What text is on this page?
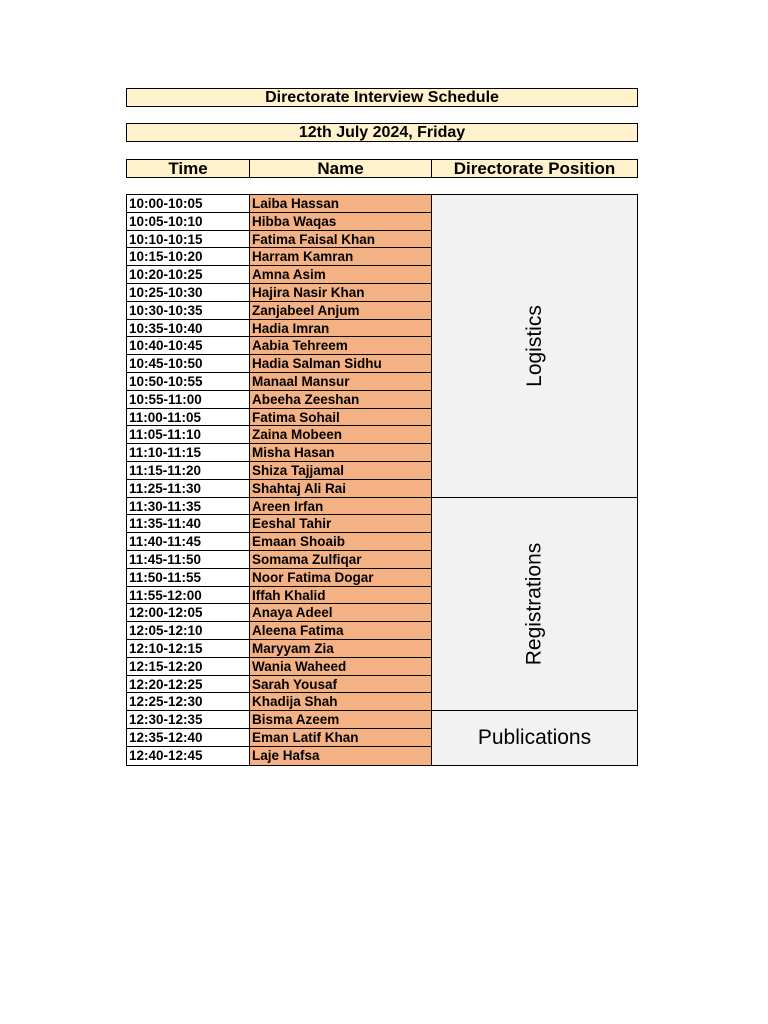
Directorate Interview Schedule
12th July 2024, Friday
Time	Name	Directorate Position
10:00-10:05
10:05-10:10
10:10-10:15
10:15-10:20
10:20-10:25
10:25-10:30
10:30-10:35
10:35-10:40
10:40-10:45
10:45-10:50
10:50-10:55
10:55-11:00
11:00-11:05
11:05-11:10
11:10-11:15
11:15-11:20
11:25-11:30
11:30-11:35
11:35-11:40
11:40-11:45
11:45-11:50
11:50-11:55
11:55-12:00
12:00-12:05
12:05-12:10
12:10-12:15
12:15-12:20
12:20-12:25
12:25-12:30
12:30-12:35
12:35-12:40
12:40-12:45
Laiba Hassan
Hibba Waqas
Fatima Faisal Khan
Harram Kamran
Amna Asim
Hajira Nasir Khan
Zanjabeel Anjum
Hadia Imran
Aabia Tehreem
Hadia Salman Sidhu
Manaal Mansur
Abeeha Zeeshan
Fatima Sohail
Zaina Mobeen
Misha Hasan
Shiza Tajjamal
Shahtaj Ali Rai
Areen Irfan
Eeshal Tahir
Emaan Shoaib
Somama Zulfiqar
Noor Fatima Dogar
Iffah Khalid
Anaya Adeel
Aleena Fatima
Maryyam Zia
Wania Waheed
Sarah Yousaf
Khadija Shah
Bisma Azeem
Eman Latif Khan
Laje Hafsa
Logistics
Registrations
Publications
